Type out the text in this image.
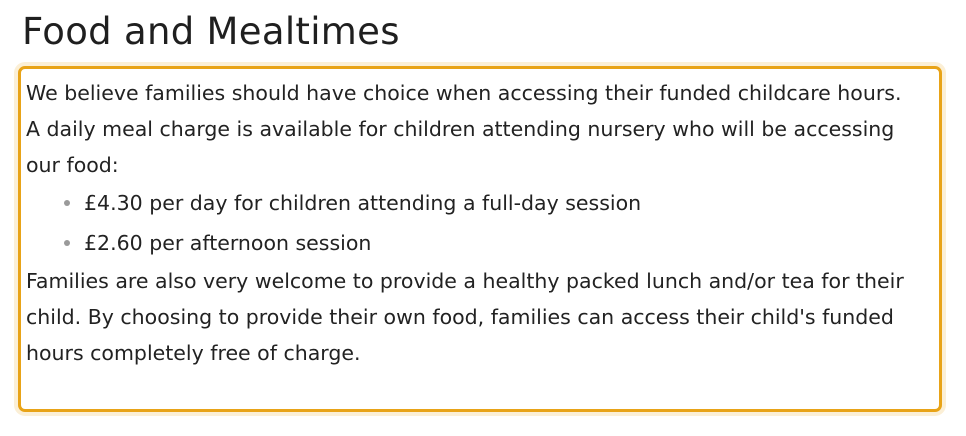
Food and Mealtimes

We believe families should have choice when accessing their funded childcare hours.

A daily meal charge is available for children attending nursery who will be accessing our food:

£4.30 per day for children attending a full-day session
£2.60 per afternoon session

Families are also very welcome to provide a healthy packed lunch and/or tea for their child. By choosing to provide their own food, families can access their child's funded hours completely free of charge.
